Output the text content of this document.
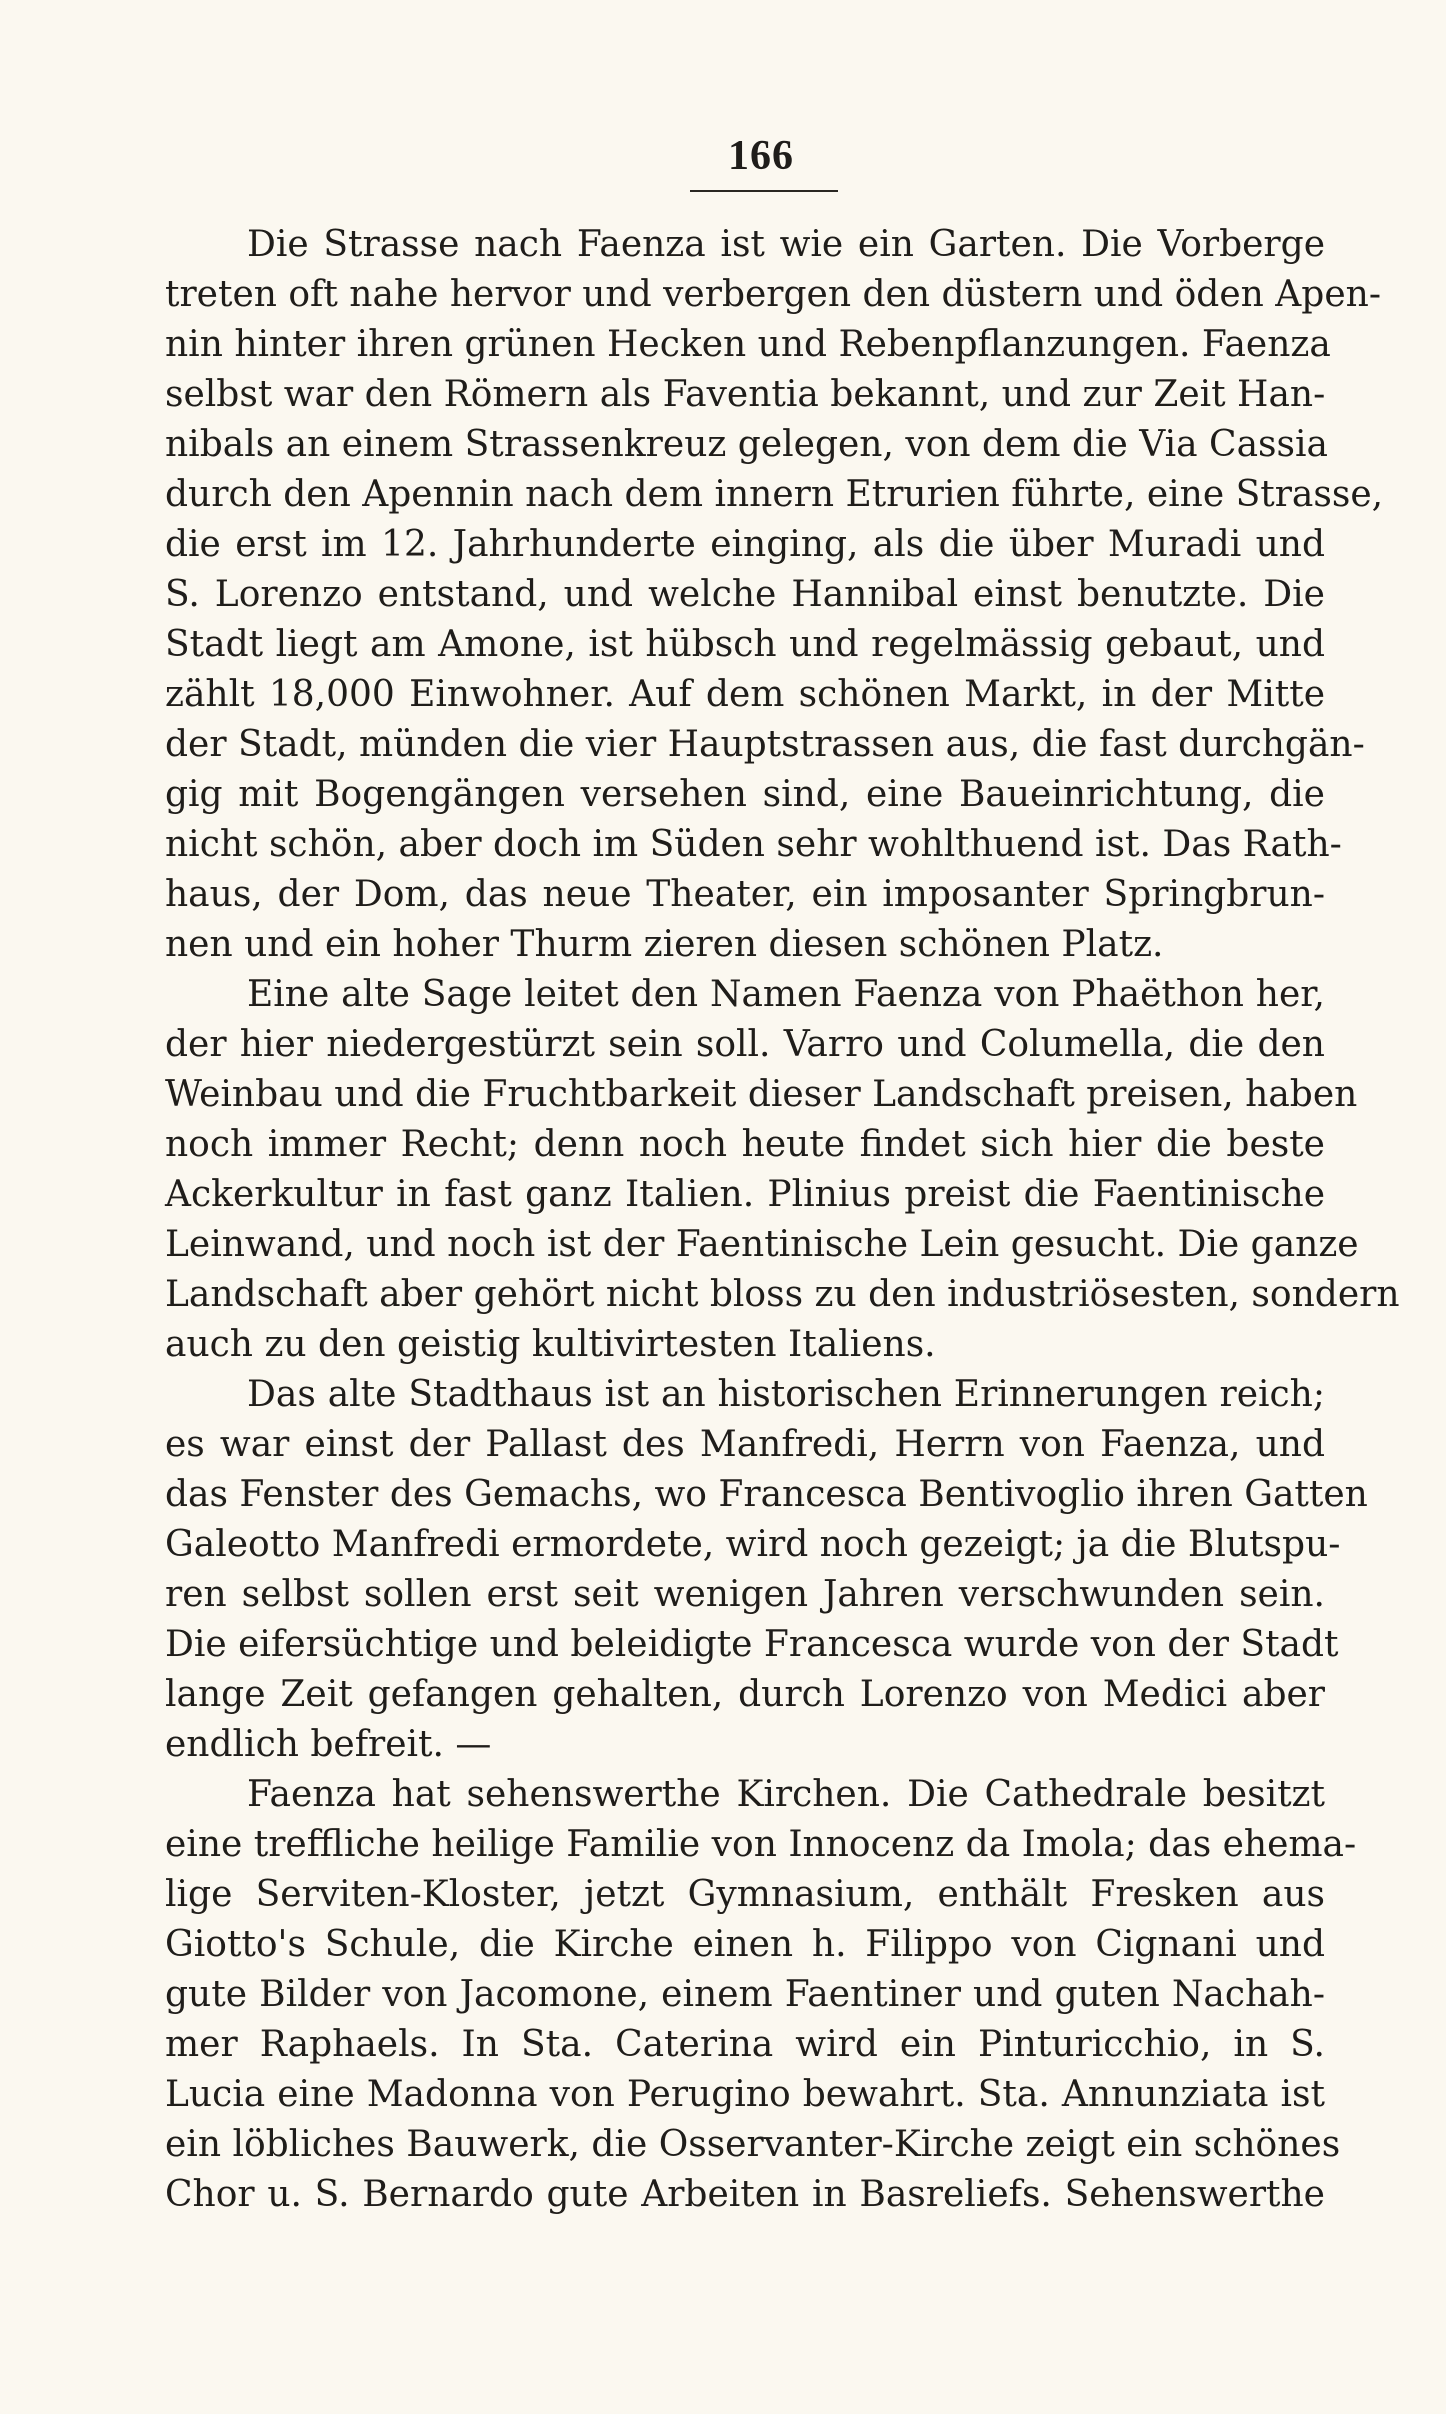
166
Die Strasse nach Faenza ist wie ein Garten. Die Vorberge
treten oft nahe hervor und verbergen den düstern und öden Apen-
nin hinter ihren grünen Hecken und Rebenpflanzungen. Faenza
selbst war den Römern als Faventia bekannt, und zur Zeit Han-
nibals an einem Strassenkreuz gelegen, von dem die Via Cassia
durch den Apennin nach dem innern Etrurien führte, eine Strasse,
die erst im 12. Jahrhunderte einging, als die über Muradi und
S. Lorenzo entstand, und welche Hannibal einst benutzte. Die
Stadt liegt am Amone, ist hübsch und regelmässig gebaut, und
zählt 18,000 Einwohner. Auf dem schönen Markt, in der Mitte
der Stadt, münden die vier Hauptstrassen aus, die fast durchgän-
gig mit Bogengängen versehen sind, eine Baueinrichtung, die
nicht schön, aber doch im Süden sehr wohlthuend ist. Das Rath-
haus, der Dom, das neue Theater, ein imposanter Springbrun-
nen und ein hoher Thurm zieren diesen schönen Platz.
Eine alte Sage leitet den Namen Faenza von Phaëthon her,
der hier niedergestürzt sein soll. Varro und Columella, die den
Weinbau und die Fruchtbarkeit dieser Landschaft preisen, haben
noch immer Recht; denn noch heute findet sich hier die beste
Ackerkultur in fast ganz Italien. Plinius preist die Faentinische
Leinwand, und noch ist der Faentinische Lein gesucht. Die ganze
Landschaft aber gehört nicht bloss zu den industriösesten, sondern
auch zu den geistig kultivirtesten Italiens.
Das alte Stadthaus ist an historischen Erinnerungen reich;
es war einst der Pallast des Manfredi, Herrn von Faenza, und
das Fenster des Gemachs, wo Francesca Bentivoglio ihren Gatten
Galeotto Manfredi ermordete, wird noch gezeigt; ja die Blutspu-
ren selbst sollen erst seit wenigen Jahren verschwunden sein.
Die eifersüchtige und beleidigte Francesca wurde von der Stadt
lange Zeit gefangen gehalten, durch Lorenzo von Medici aber
endlich befreit. —
Faenza hat sehenswerthe Kirchen. Die Cathedrale besitzt
eine treffliche heilige Familie von Innocenz da Imola; das ehema-
lige Serviten-Kloster, jetzt Gymnasium, enthält Fresken aus
Giotto's Schule, die Kirche einen h. Filippo von Cignani und
gute Bilder von Jacomone, einem Faentiner und guten Nachah-
mer Raphaels. In Sta. Caterina wird ein Pinturicchio, in S.
Lucia eine Madonna von Perugino bewahrt. Sta. Annunziata ist
ein löbliches Bauwerk, die Osservanter-Kirche zeigt ein schönes
Chor u. S. Bernardo gute Arbeiten in Basreliefs. Sehenswerthe
